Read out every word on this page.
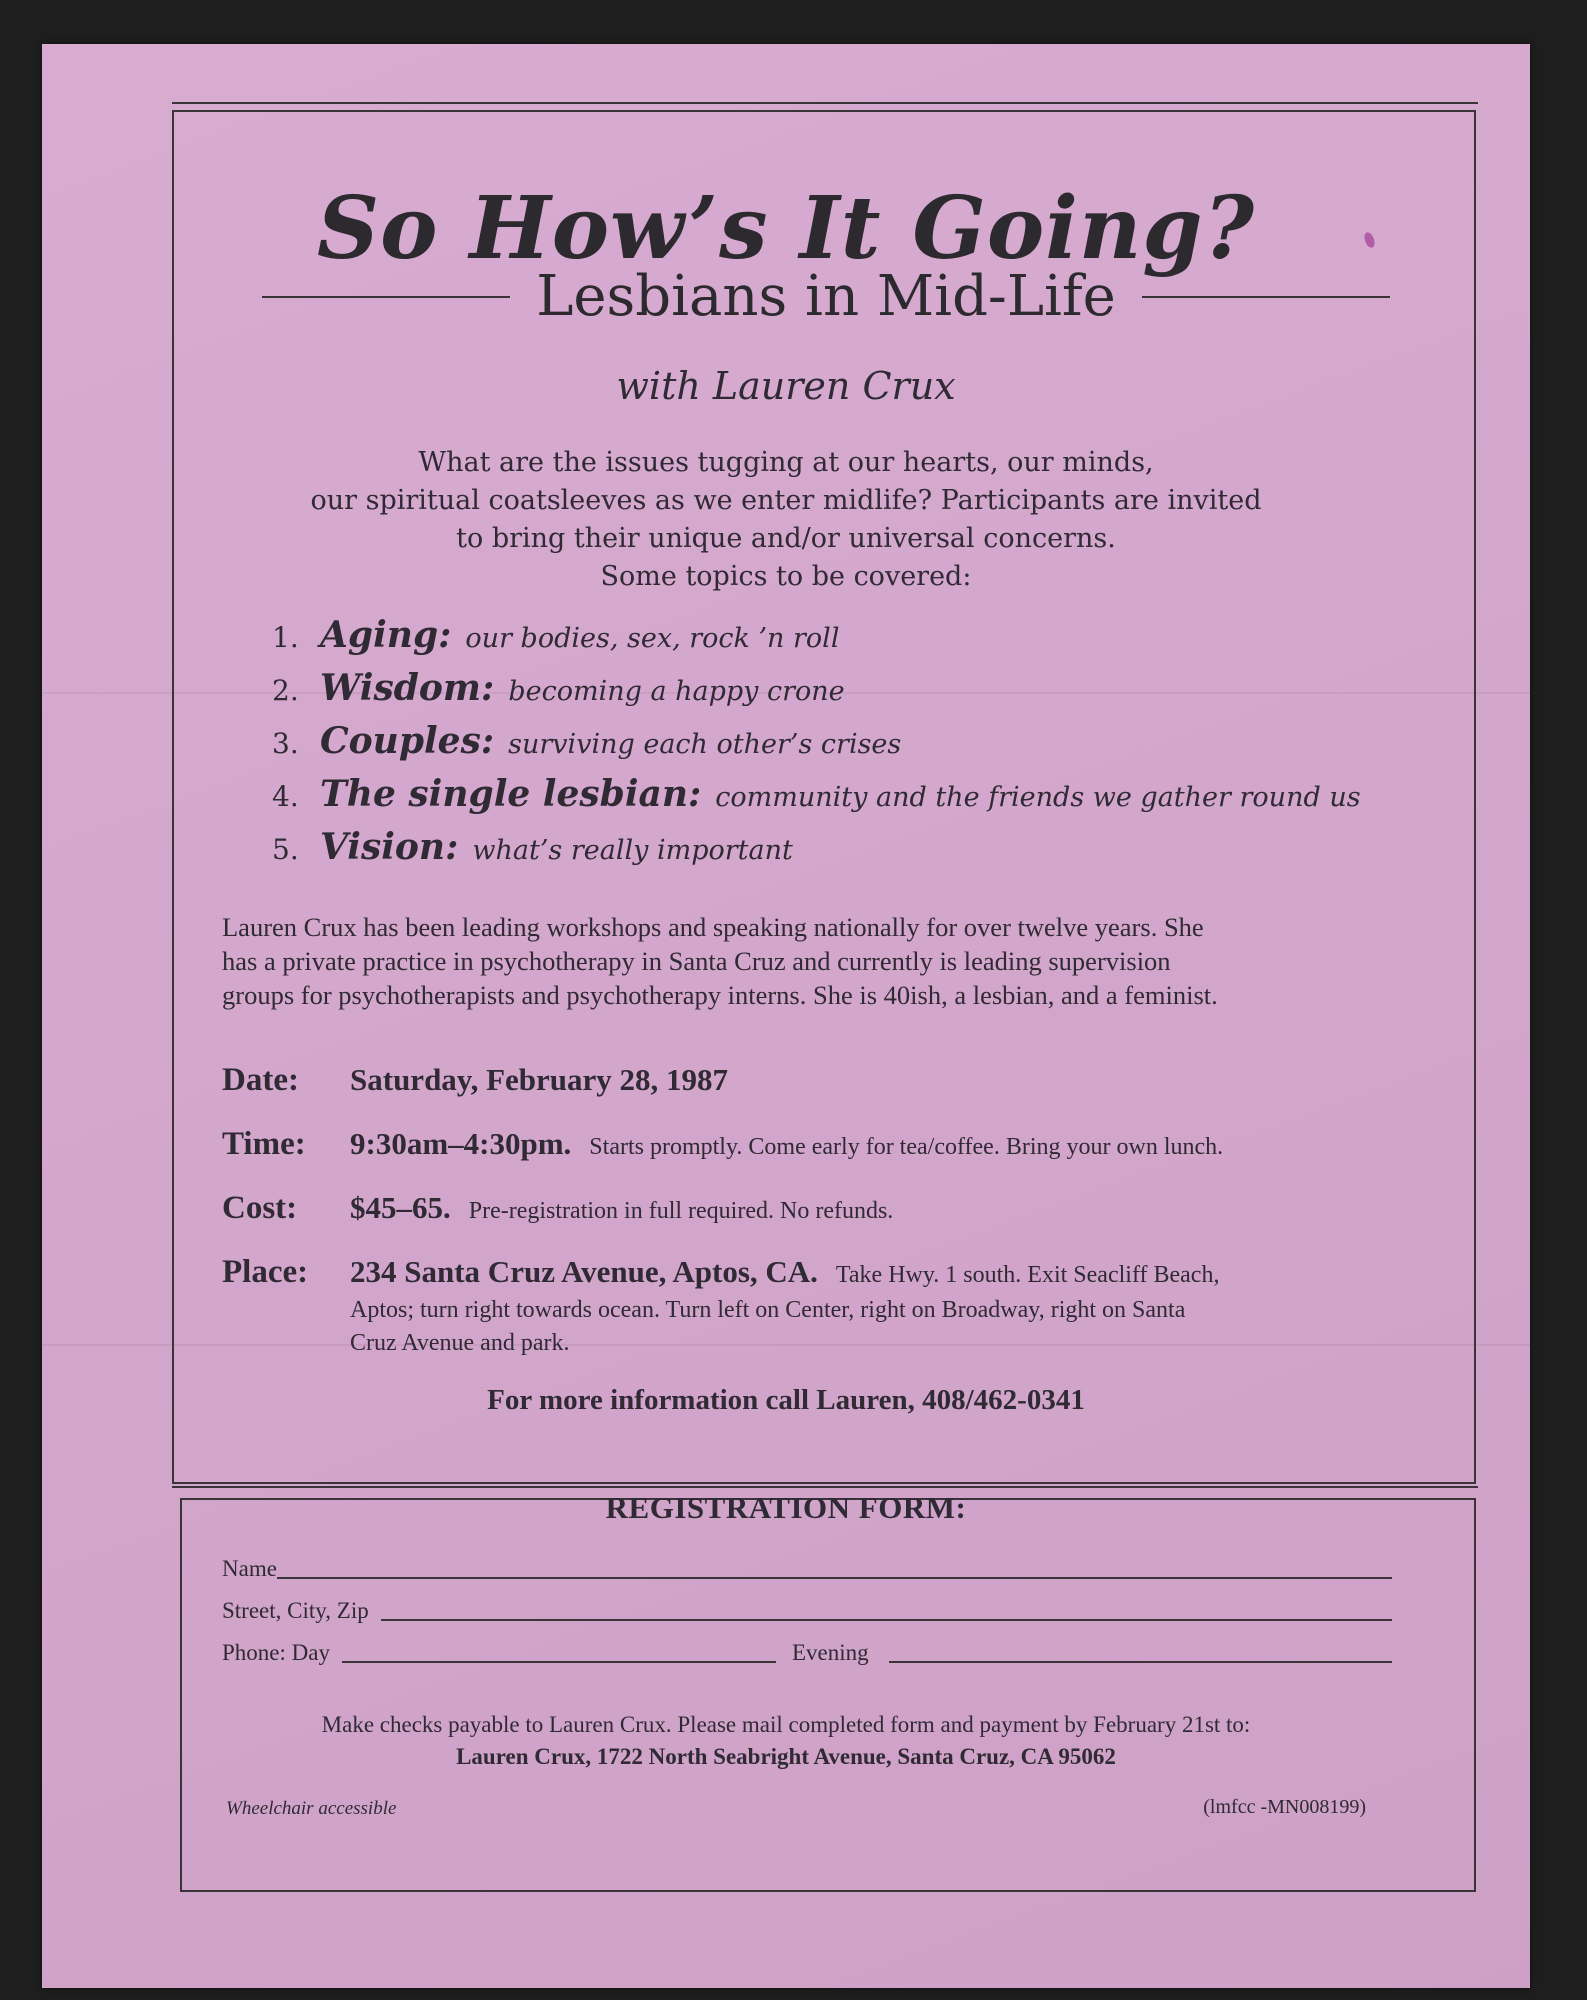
So How’s It Going?
Lesbians in Mid-Life
with Lauren Crux
What are the issues tugging at our hearts, our minds,
our spiritual coatsleeves as we enter midlife? Participants are invited
to bring their unique and/or universal concerns.
Some topics to be covered:
1. Aging: our bodies, sex, rock ’n roll
2. Wisdom: becoming a happy crone
3. Couples: surviving each other’s crises
4. The single lesbian: community and the friends we gather round us
5. Vision: what’s really important
Lauren Crux has been leading workshops and speaking nationally for over twelve years. She
has a private practice in psychotherapy in Santa Cruz and currently is leading supervision
groups for psychotherapists and psychotherapy interns. She is 40ish, a lesbian, and a feminist.
Date:	Saturday, February 28, 1987
Time:	9:30am–4:30pm. Starts promptly. Come early for tea/coffee. Bring your own lunch.
Cost:	$45–65. Pre-registration in full required. No refunds.
Place:	234 Santa Cruz Avenue, Aptos, CA. Take Hwy. 1 south. Exit Seacliff Beach,
Aptos; turn right towards ocean. Turn left on Center, right on Broadway, right on Santa
Cruz Avenue and park.
For more information call Lauren, 408/462-0341
REGISTRATION FORM:
Name
Street, City, Zip
Phone: Day	Evening
Make checks payable to Lauren Crux. Please mail completed form and payment by February 21st to:
Lauren Crux, 1722 North Seabright Avenue, Santa Cruz, CA 95062
Wheelchair accessible	(lmfcc -MN008199)
